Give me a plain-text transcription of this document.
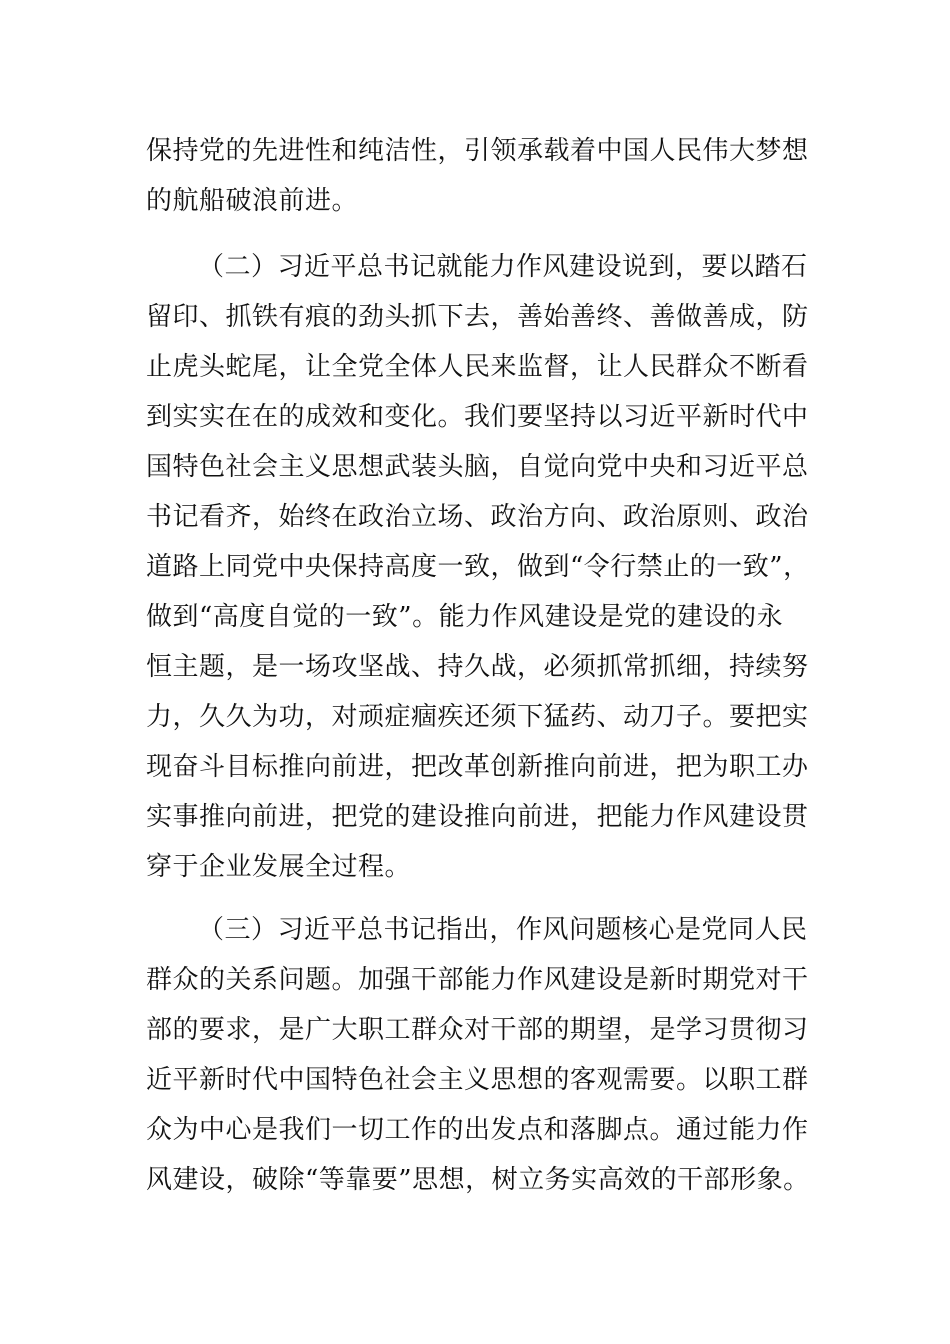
保持党的先进性和纯洁性，引领承载着中国人民伟大梦想
的航船破浪前进。
（二）习近平总书记就能力作风建设说到，要以踏石
留印、抓铁有痕的劲头抓下去，善始善终、善做善成，防
止虎头蛇尾，让全党全体人民来监督，让人民群众不断看
到实实在在的成效和变化。我们要坚持以习近平新时代中
国特色社会主义思想武装头脑，自觉向党中央和习近平总
书记看齐，始终在政治立场、政治方向、政治原则、政治
道路上同党中央保持高度一致，做到“令行禁止的一致”，
做到“高度自觉的一致”。能力作风建设是党的建设的永
恒主题，是一场攻坚战、持久战，必须抓常抓细，持续努
力，久久为功，对顽症痼疾还须下猛药、动刀子。要把实
现奋斗目标推向前进，把改革创新推向前进，把为职工办
实事推向前进，把党的建设推向前进，把能力作风建设贯
穿于企业发展全过程。
（三）习近平总书记指出，作风问题核心是党同人民
群众的关系问题。加强干部能力作风建设是新时期党对干
部的要求，是广大职工群众对干部的期望，是学习贯彻习
近平新时代中国特色社会主义思想的客观需要。以职工群
众为中心是我们一切工作的出发点和落脚点。通过能力作
风建设，破除“等靠要”思想，树立务实高效的干部形象。
